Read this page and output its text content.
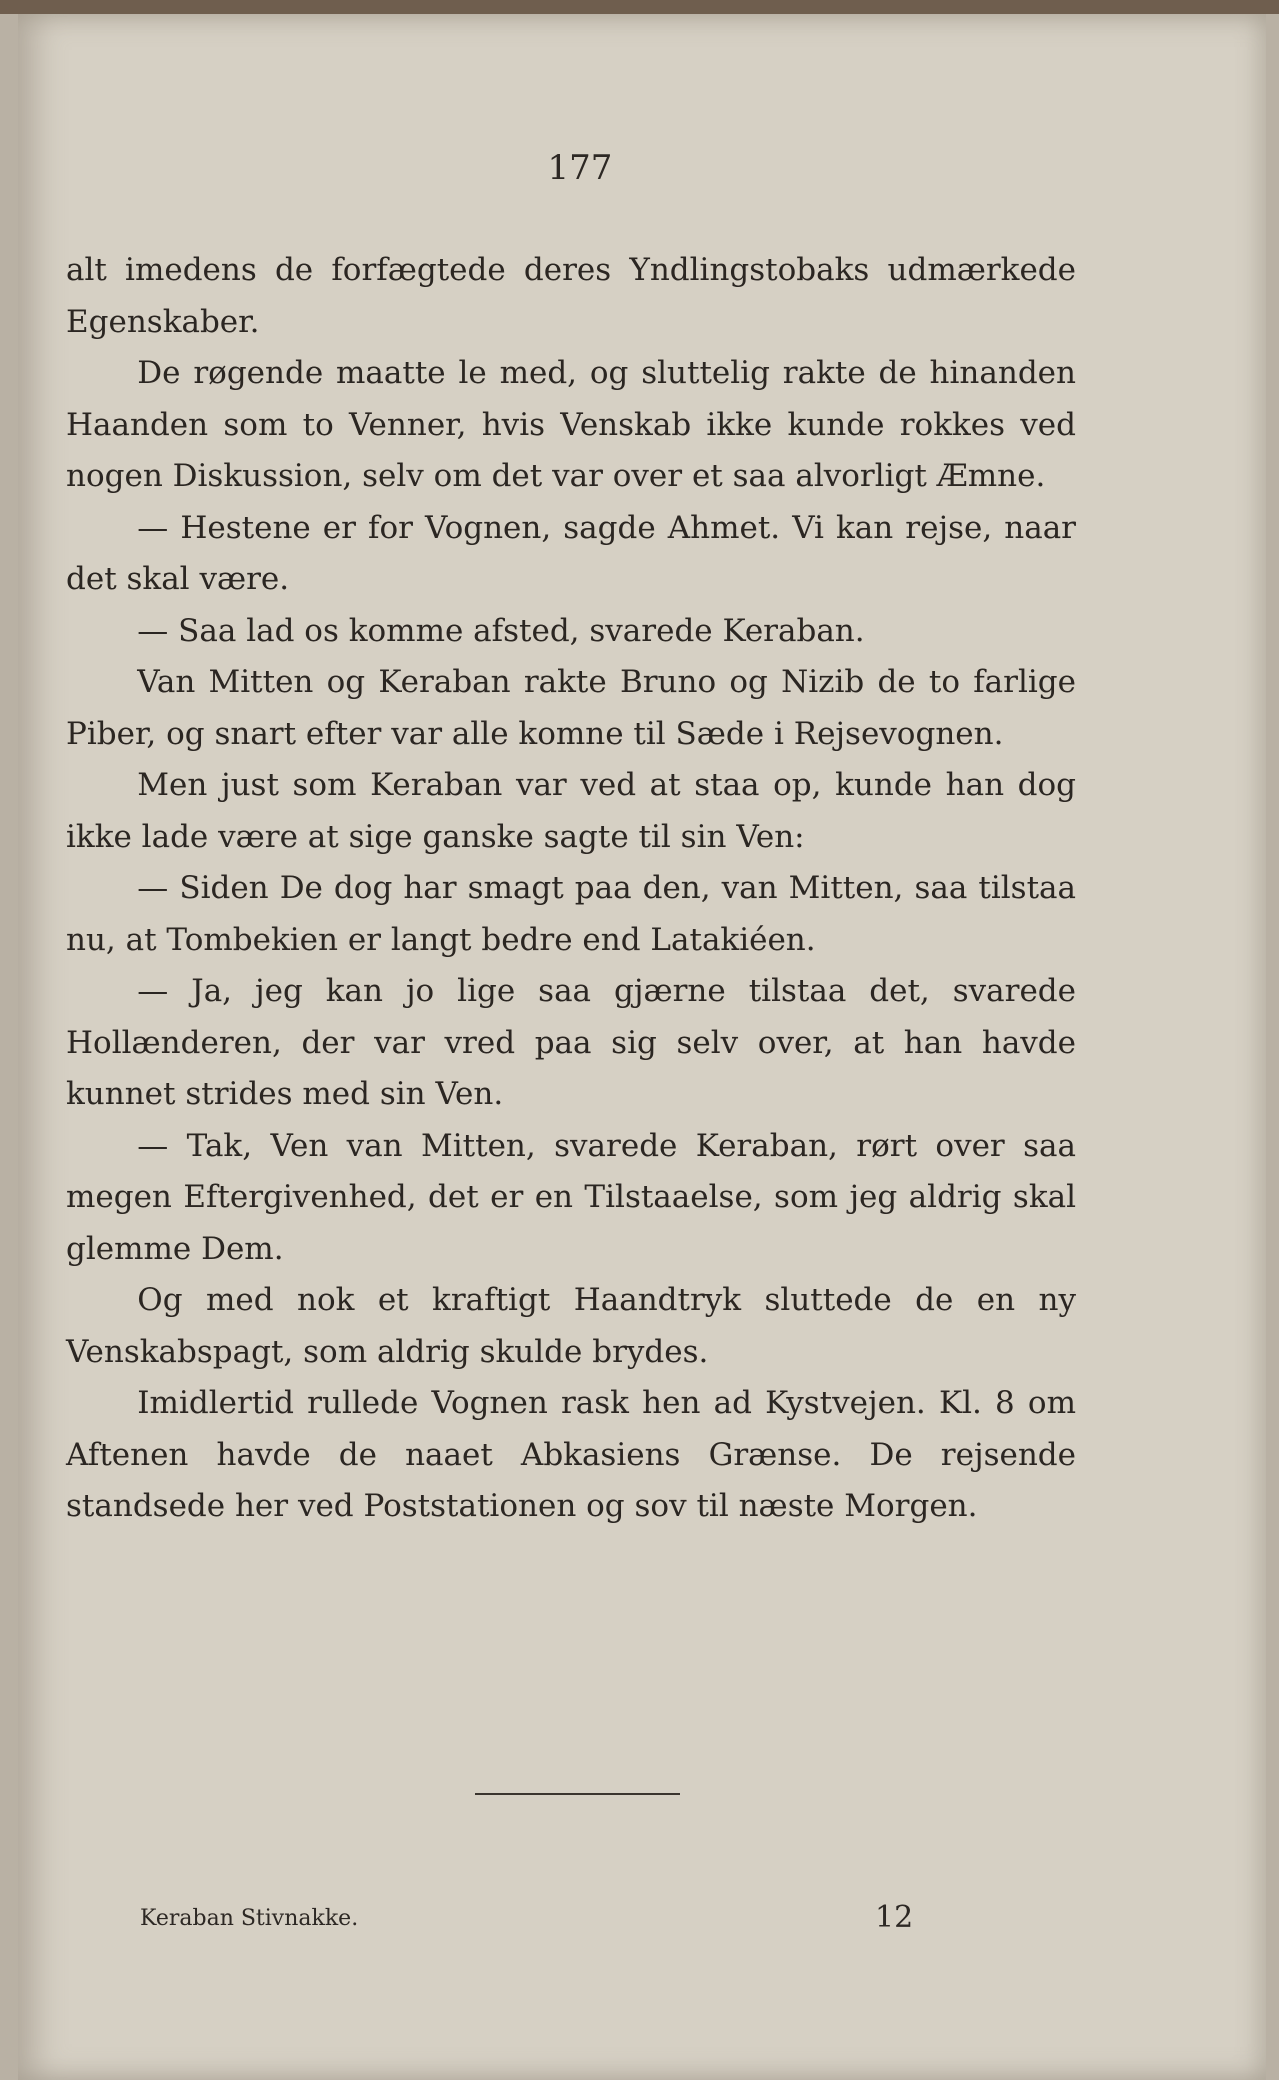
177

alt imedens de forfægtede deres Yndlingstobaks udmærkede Egenskaber.

De røgende maatte le med, og sluttelig rakte de hinanden Haanden som to Venner, hvis Venskab ikke kunde rokkes ved nogen Diskussion, selv om det var over et saa alvorligt Æmne.

— Hestene er for Vognen, sagde Ahmet. Vi kan rejse, naar det skal være.

— Saa lad os komme afsted, svarede Keraban.

Van Mitten og Keraban rakte Bruno og Nizib de to farlige Piber, og snart efter var alle komne til Sæde i Rejsevognen.

Men just som Keraban var ved at staa op, kunde han dog ikke lade være at sige ganske sagte til sin Ven:

— Siden De dog har smagt paa den, van Mitten, saa tilstaa nu, at Tombekien er langt bedre end Latakiéen.

— Ja, jeg kan jo lige saa gjærne tilstaa det, svarede Hollænderen, der var vred paa sig selv over, at han havde kunnet strides med sin Ven.

— Tak, Ven van Mitten, svarede Keraban, rørt over saa megen Eftergivenhed, det er en Tilstaaelse, som jeg aldrig skal glemme Dem.

Og med nok et kraftigt Haandtryk sluttede de en ny Venskabspagt, som aldrig skulde brydes.

Imidlertid rullede Vognen rask hen ad Kystvejen. Kl. 8 om Aftenen havde de naaet Abkasiens Grænse. De rejsende standsede her ved Poststationen og sov til næste Morgen.

Keraban Stivnakke.	12
